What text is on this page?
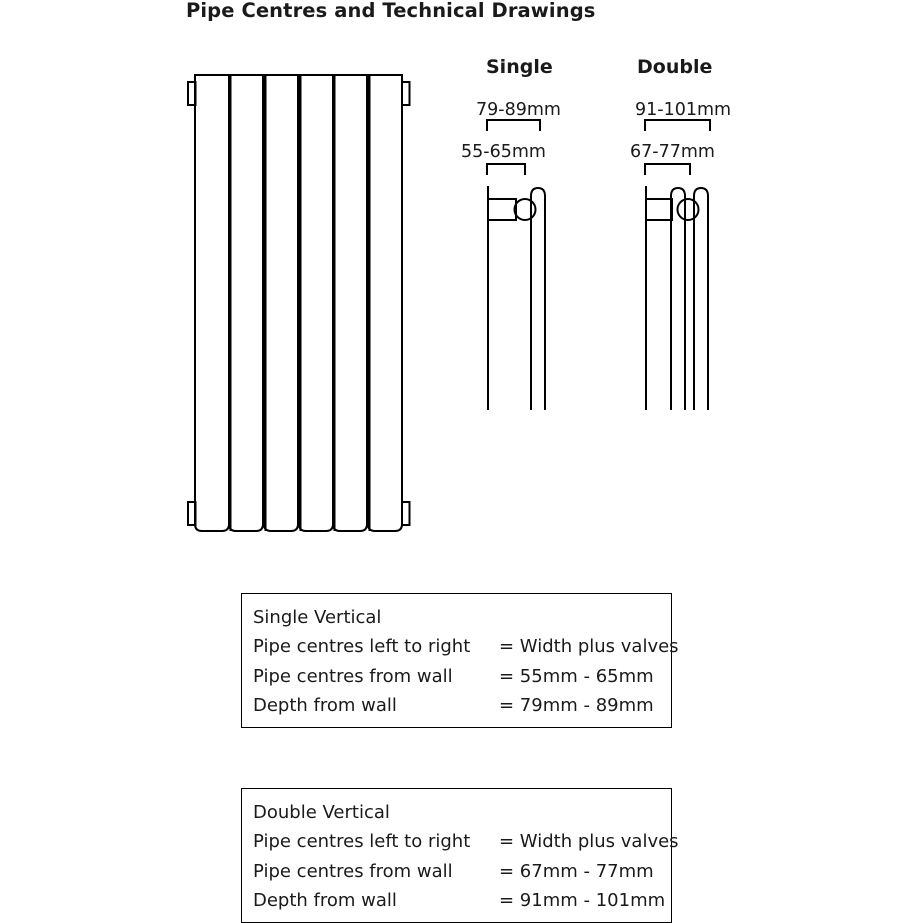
Pipe Centres and Technical Drawings
Single	Double
79-89mm
55-65mm
91-101mm
67-77mm
Single Vertical
Pipe centres left to right	= Width plus valves
Pipe centres from wall	= 55mm - 65mm
Depth from wall	= 79mm - 89mm
Double Vertical
Pipe centres left to right	= Width plus valves
Pipe centres from wall	= 67mm - 77mm
Depth from wall	= 91mm - 101mm
